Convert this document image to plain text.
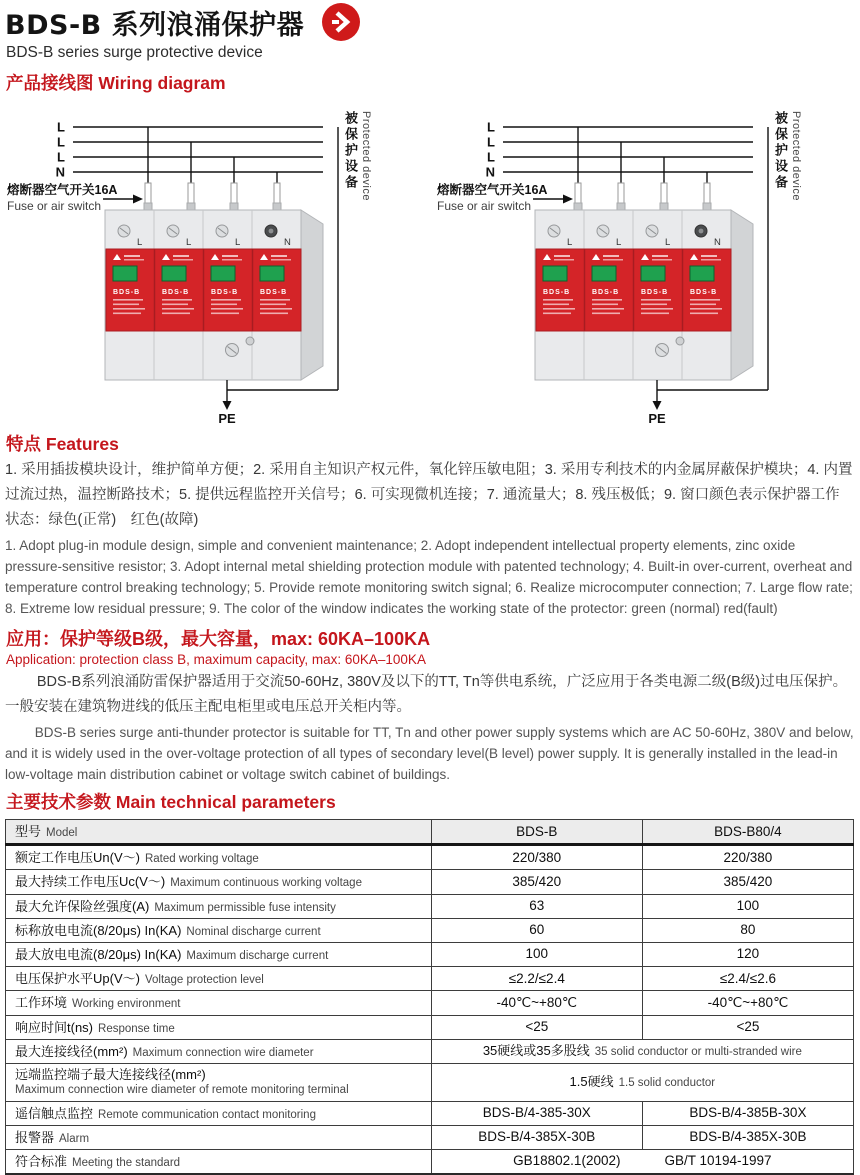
BDS-B 系列浪涌保护器
BDS-B series surge protective device
产品接线图 Wiring diagram
L
L
L
N
熔断器空气开关16A
Fuse or air switch
L	L	L	N
BDS-B	BDS-B	BDS-B	BDS-B
PE
被保护设备 Protected device	L
L
L
N
熔断器空气开关16A
Fuse or air switch
L	L	L	N
BDS-B	BDS-B	BDS-B	BDS-B
PE
被保护设备 Protected device
特点 Features

1. 采用插拔模块设计，维护简单方便；2. 采用自主知识产权元件，氧化锌压敏电阻；3. 采用专利技术的内金属屏蔽保护模块；4. 内置过流过热，温控断路技术；5. 提供远程监控开关信号；6. 可实现微机连接；7. 通流量大；8. 残压极低；9. 窗口颜色表示保护器工作状态：绿色(正常)　红色(故障)

1. Adopt plug-in module design, simple and convenient maintenance; 2. Adopt independent intellectual property elements, zinc oxide pressure-sensitive resistor; 3. Adopt internal metal shielding protection module with patented technology; 4. Built-in over-current, overheat and temperature control breaking technology; 5. Provide remote monitoring switch signal; 6. Realize microcomputer connection; 7. Large flow rate; 8. Extreme low residual pressure; 9. The color of the window indicates the working state of the protector: green (normal) red(fault)

应用：保护等级B级，最大容量，max: 60KA–100KA
Application: protection class B, maximum capacity, max: 60KA–100KA

BDS-B系列浪涌防雷保护器适用于交流50-60Hz, 380V及以下的TT, Tn等供电系统，广泛应用于各类电源二级(B级)过电压保护。一般安装在建筑物进线的低压主配电柜里或电压总开关柜内等。

BDS-B series surge anti-thunder protector is suitable for TT, Tn and other power supply systems which are AC 50-60Hz, 380V and below, and it is widely used in the over-voltage protection of all types of secondary level(B level) power supply. It is generally installed in the lead-in low-voltage main distribution cabinet or voltage switch cabinet of buildings.

主要技术参数 Main technical parameters
型号 Model	BDS-B	BDS-B80/4
额定工作电压Un(V～) Rated working voltage	220/380	220/380
最大持续工作电压Uc(V～) Maximum continuous working voltage	385/420	385/420
最大允许保险丝强度(A) Maximum permissible fuse intensity	63	100
标称放电电流(8/20μs) In(KA) Nominal discharge current	60	80
最大放电电流(8/20μs) In(KA) Maximum discharge current	100	120
电压保护水平Up(V～) Voltage protection level	≤2.2/≤2.4	≤2.4/≤2.6
工作环境 Working environment	-40℃~+80℃	-40℃~+80℃
响应时间t(ns) Response time	<25	<25
最大连接线径(mm²) Maximum connection wire diameter	35硬线或35多股线 35 solid conductor or multi-stranded wire	

远端监控端子最大连接线径(mm²)
Maximum connection wire diameter of remote monitoring terminal	1.5硬线 1.5 solid conductor	
遥信触点监控 Remote communication contact monitoring	BDS-B/4-385-30X	BDS-B/4-385B-30X
报警器 Alarm	BDS-B/4-385X-30B	BDS-B/4-385X-30B
符合标准 Meeting the standard	GB18802.1(2002) GB/T 10194-1997	
